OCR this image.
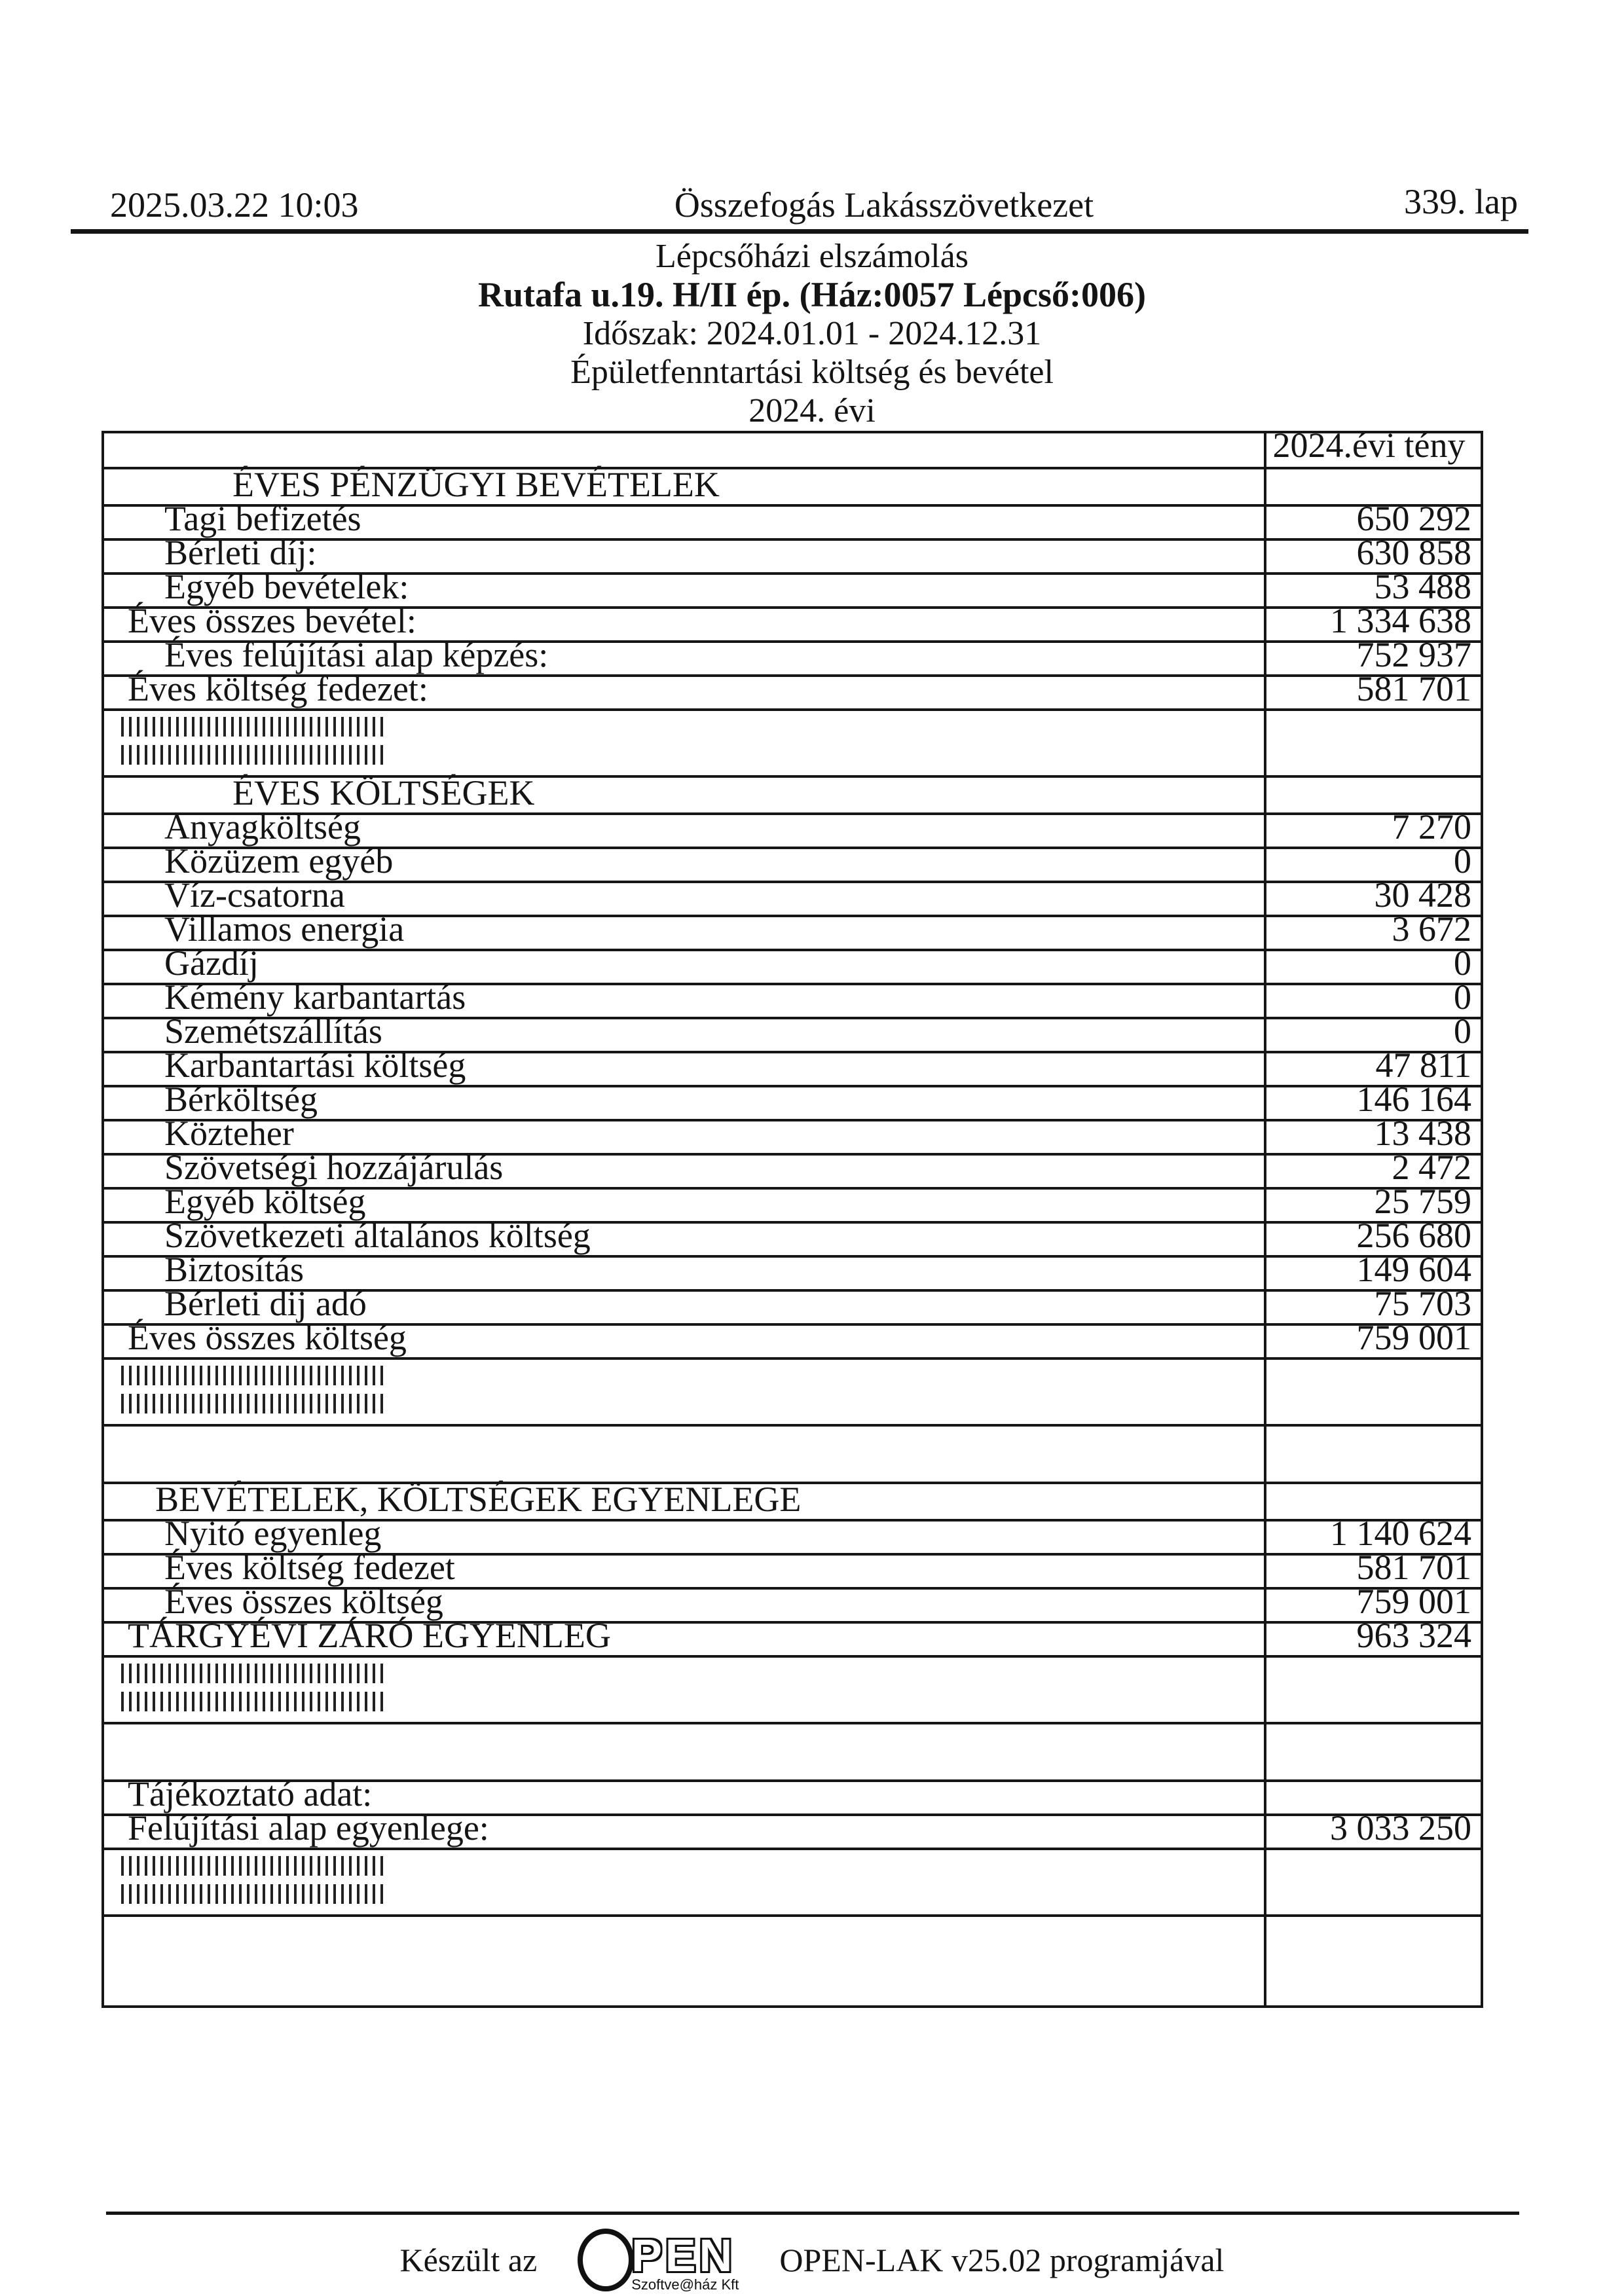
2025.03.22 10:03	Összefogás Lakásszövetkezet	339. lap
Lépcsőházi elszámolás
Rutafa u.19. H/II ép. (Ház:0057 Lépcső:006)
Időszak: 2024.01.01 - 2024.12.31
Épületfenntartási költség és bevétel
2024. évi
2024.évi tény
ÉVES PÉNZÜGYI BEVÉTELEK
Tagi befizetés	650 292
Bérleti díj:	630 858
Egyéb bevételek:	53 488
Éves összes bevétel:	1 334 638
Éves felújítási alap képzés:	752 937
Éves költség fedezet:	581 701
ÉVES KÖLTSÉGEK
Anyagköltség	7 270
Közüzem egyéb	0
Víz-csatorna	30 428
Villamos energia	3 672
Gázdíj	0
Kémény karbantartás	0
Szemétszállítás	0
Karbantartási költség	47 811
Bérköltség	146 164
Közteher	13 438
Szövetségi hozzájárulás	2 472
Egyéb költség	25 759
Szövetkezeti általános költség	256 680
Biztosítás	149 604
Bérleti dij adó	75 703
Éves összes költség	759 001
BEVÉTELEK, KÖLTSÉGEK EGYENLEGE
Nyitó egyenleg	1 140 624
Éves költség fedezet	581 701
Éves összes költség	759 001
TÁRGYÉVI ZÁRÓ EGYENLEG	963 324
Tájékoztató adat:
Felújítási alap egyenlege:	3 033 250
Készült az PEN
Szoftve@ház Kft
OPEN-LAK v25.02 programjával
